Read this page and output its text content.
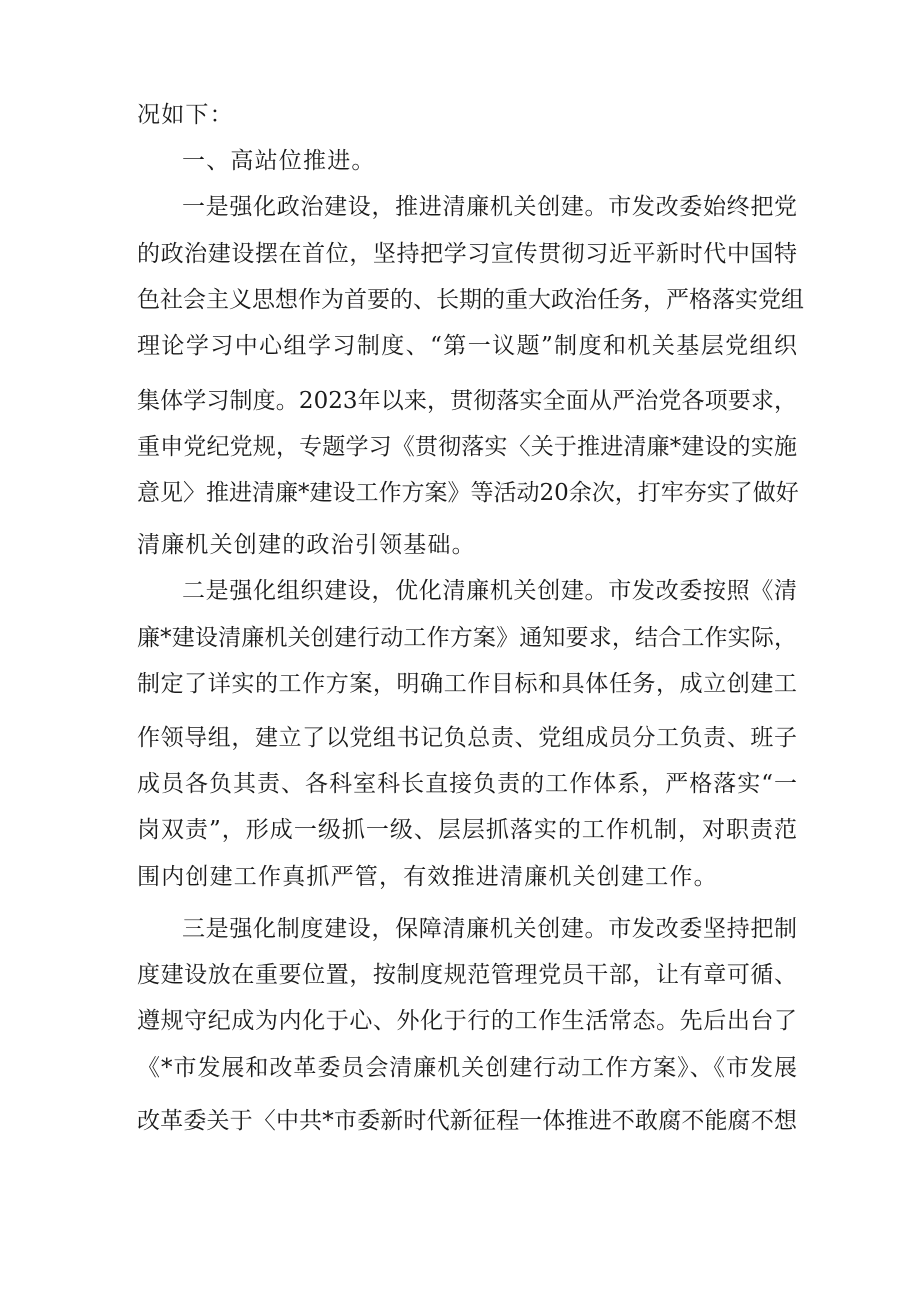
况如下：
一、高站位推进。
一是强化政治建设，推进清廉机关创建。市发改委始终把党
的政治建设摆在首位，坚持把学习宣传贯彻习近平新时代中国特
色社会主义思想作为首要的、长期的重大政治任务，严格落实党组
理论学习中心组学习制度、“第一议题”制度和机关基层党组织
集体学习制度。2023年以来，贯彻落实全面从严治党各项要求，
重申党纪党规，专题学习《贯彻落实〈关于推进清廉*建设的实施
意见〉推进清廉*建设工作方案》等活动20余次，打牢夯实了做好
清廉机关创建的政治引领基础。
二是强化组织建设，优化清廉机关创建。市发改委按照《清
廉*建设清廉机关创建行动工作方案》通知要求，结合工作实际，
制定了详实的工作方案，明确工作目标和具体任务，成立创建工
作领导组，建立了以党组书记负总责、党组成员分工负责、班子
成员各负其责、各科室科长直接负责的工作体系，严格落实“一
岗双责”，形成一级抓一级、层层抓落实的工作机制，对职责范
围内创建工作真抓严管，有效推进清廉机关创建工作。
三是强化制度建设，保障清廉机关创建。市发改委坚持把制
度建设放在重要位置，按制度规范管理党员干部，让有章可循、
遵规守纪成为内化于心、外化于行的工作生活常态。先后出台了
《*市发展和改革委员会清廉机关创建行动工作方案》、《市发展
改革委关于〈中共*市委新时代新征程一体推进不敢腐不能腐不想
